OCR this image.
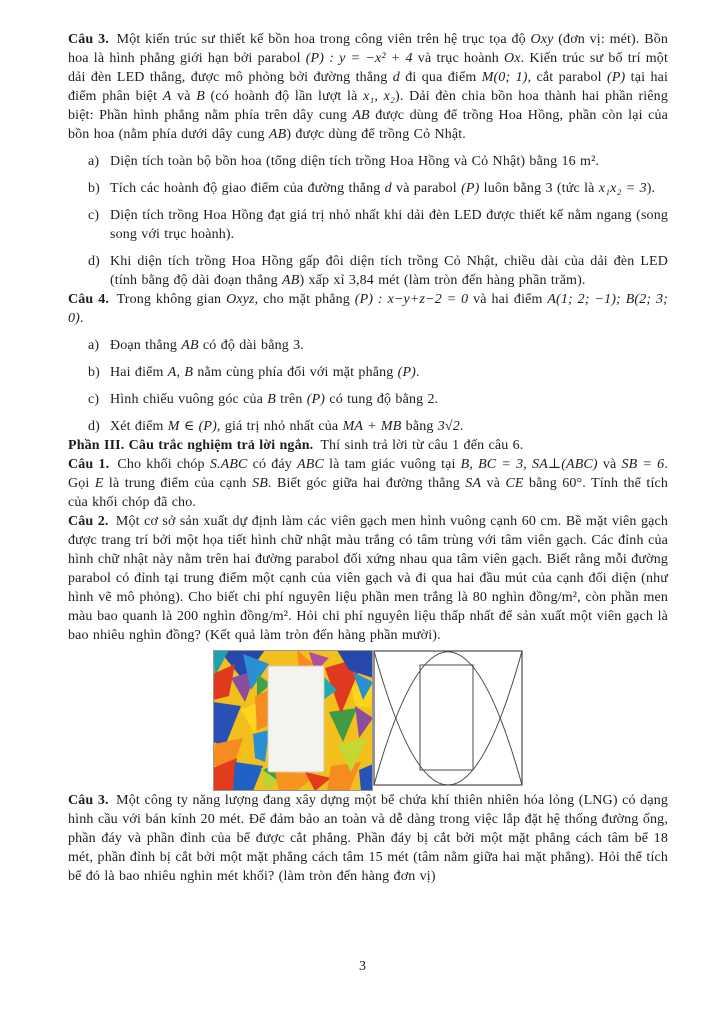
Câu 3. Một kiến trúc sư thiết kế bồn hoa trong công viên trên hệ trục tọa độ Oxy (đơn vị: mét). Bồn hoa là hình phẳng giới hạn bởi parabol (P) : y = −x² + 4 và trục hoành Ox. Kiến trúc sư bố trí một dải đèn LED thẳng, được mô phỏng bởi đường thẳng d đi qua điểm M(0; 1), cắt parabol (P) tại hai điểm phân biệt A và B (có hoành độ lần lượt là x₁, x₂). Dải đèn chia bồn hoa thành hai phần riêng biệt: Phần hình phẳng nằm phía trên dây cung AB được dùng để trồng Hoa Hồng, phần còn lại của bồn hoa (nằm phía dưới dây cung AB) được dùng để trồng Cỏ Nhật.

a) Diện tích toàn bộ bồn hoa (tổng diện tích trồng Hoa Hồng và Cỏ Nhật) bằng 16 m².
b) Tích các hoành độ giao điểm của đường thẳng d và parabol (P) luôn bằng 3 (tức là x₁x₂ = 3).
c) Diện tích trồng Hoa Hồng đạt giá trị nhỏ nhất khi dải đèn LED được thiết kế nằm ngang (song song với trục hoành).
d) Khi diện tích trồng Hoa Hồng gấp đôi diện tích trồng Cỏ Nhật, chiều dài của dải đèn LED (tính bằng độ dài đoạn thẳng AB) xấp xỉ 3,84 mét (làm tròn đến hàng phần trăm).

Câu 4. Trong không gian Oxyz, cho mặt phẳng (P) : x−y+z−2 = 0 và hai điểm A(1; 2; −1); B(2; 3; 0).

a) Đoạn thẳng AB có độ dài bằng 3.
b) Hai điểm A, B nằm cùng phía đối với mặt phẳng (P).
c) Hình chiếu vuông góc của B trên (P) có tung độ bằng 2.
d) Xét điểm M ∈ (P), giá trị nhỏ nhất của MA + MB bằng 3√2.

Phần III. Câu trắc nghiệm trả lời ngắn. Thí sinh trả lời từ câu 1 đến câu 6.

Câu 1. Cho khối chóp S.ABC có đáy ABC là tam giác vuông tại B, BC = 3, SA⊥(ABC) và SB = 6. Gọi E là trung điểm của cạnh SB. Biết góc giữa hai đường thẳng SA và CE bằng 60°. Tính thể tích của khối chóp đã cho.

Câu 2. Một cơ sở sản xuất dự định làm các viên gạch men hình vuông cạnh 60 cm. Bề mặt viên gạch được trang trí bởi một họa tiết hình chữ nhật màu trắng có tâm trùng với tâm viên gạch. Các đỉnh của hình chữ nhật này nằm trên hai đường parabol đối xứng nhau qua tâm viên gạch. Biết rằng mỗi đường parabol có đỉnh tại trung điểm một cạnh của viên gạch và đi qua hai đầu mút của cạnh đối diện (như hình vẽ mô phỏng). Cho biết chi phí nguyên liệu phần men trắng là 80 nghìn đồng/m², còn phần men màu bao quanh là 200 nghìn đồng/m². Hỏi chi phí nguyên liệu thấp nhất để sản xuất một viên gạch là bao nhiêu nghìn đồng? (Kết quả làm tròn đến hàng phần mười).

Câu 3. Một công ty năng lượng đang xây dựng một bể chứa khí thiên nhiên hóa lỏng (LNG) có dạng hình cầu với bán kính 20 mét. Để đảm bảo an toàn và dễ dàng trong việc lắp đặt hệ thống đường ống, phần đáy và phần đỉnh của bể được cắt phẳng. Phần đáy bị cắt bởi một mặt phẳng cách tâm bể 18 mét, phần đỉnh bị cắt bởi một mặt phẳng cách tâm 15 mét (tâm nằm giữa hai mặt phẳng). Hỏi thể tích bể đó là bao nhiêu nghìn mét khối? (làm tròn đến hàng đơn vị)

3
